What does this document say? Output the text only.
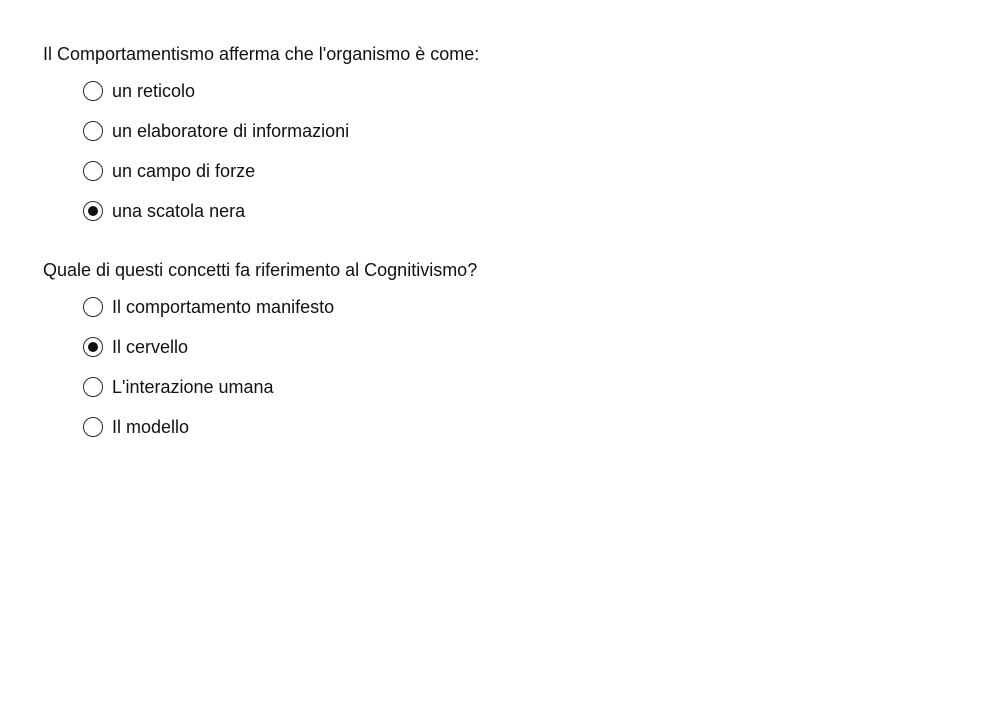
Il Comportamentismo afferma che l'organismo è come:

un reticolo
un elaboratore di informazioni
un campo di forze
una scatola nera

Quale di questi concetti fa riferimento al Cognitivismo?

Il comportamento manifesto
Il cervello
L'interazione umana
Il modello
